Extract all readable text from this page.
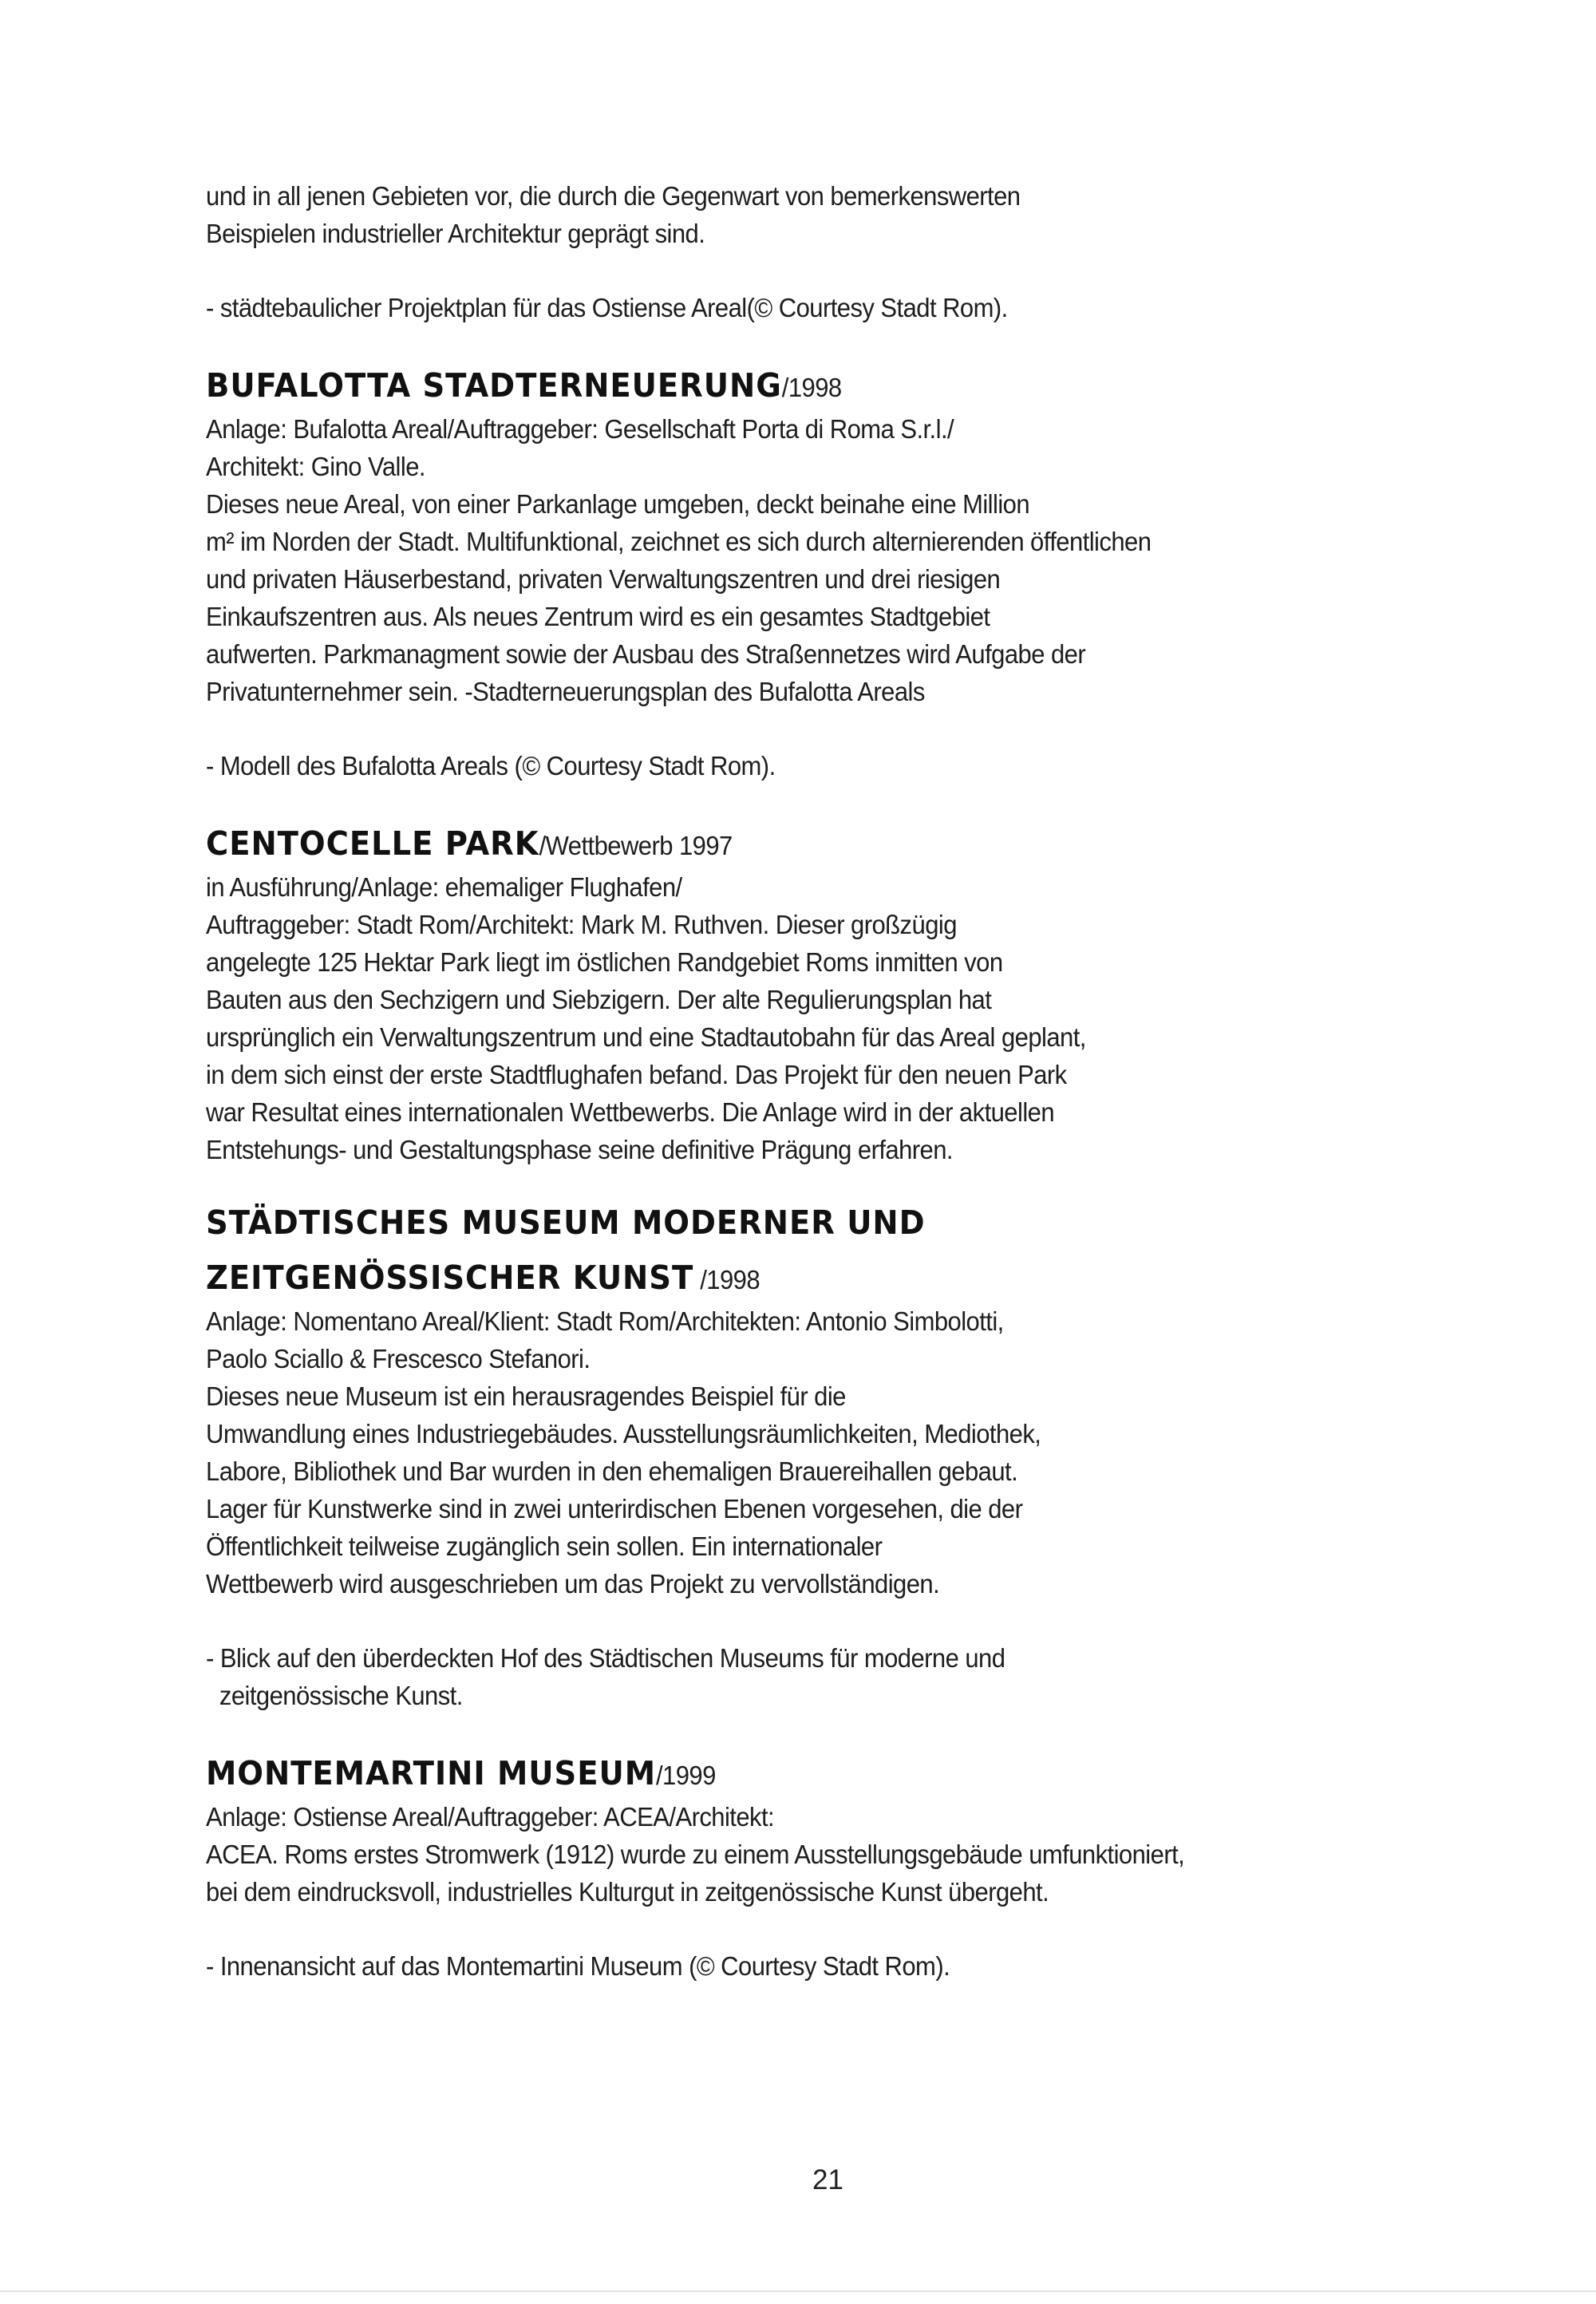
und in all jenen Gebieten vor, die durch die Gegenwart von bemerkenswerten
Beispielen industrieller Architektur geprägt sind.
- städtebaulicher Projektplan für das Ostiense Areal(© Courtesy Stadt Rom).
BUFALOTTA STADTERNEUERUNG/1998
Anlage: Bufalotta Areal/Auftraggeber: Gesellschaft Porta di Roma S.r.l./
Architekt: Gino Valle.
Dieses neue Areal, von einer Parkanlage umgeben, deckt beinahe eine Million
m² im Norden der Stadt. Multifunktional, zeichnet es sich durch alternierenden öffentlichen
und privaten Häuserbestand, privaten Verwaltungszentren und drei riesigen
Einkaufszentren aus. Als neues Zentrum wird es ein gesamtes Stadtgebiet
aufwerten. Parkmanagment sowie der Ausbau des Straßennetzes wird Aufgabe der
Privatunternehmer sein. -Stadterneuerungsplan des Bufalotta Areals
- Modell des Bufalotta Areals (© Courtesy Stadt Rom).
CENTOCELLE PARK/Wettbewerb 1997
in Ausführung/Anlage: ehemaliger Flughafen/
Auftraggeber: Stadt Rom/Architekt: Mark M. Ruthven. Dieser großzügig
angelegte 125 Hektar Park liegt im östlichen Randgebiet Roms inmitten von
Bauten aus den Sechzigern und Siebzigern. Der alte Regulierungsplan hat
ursprünglich ein Verwaltungszentrum und eine Stadtautobahn für das Areal geplant,
in dem sich einst der erste Stadtflughafen befand. Das Projekt für den neuen Park
war Resultat eines internationalen Wettbewerbs. Die Anlage wird in der aktuellen
Entstehungs- und Gestaltungsphase seine definitive Prägung erfahren.
STÄDTISCHES MUSEUM MODERNER UND
ZEITGENÖSSISCHER KUNST /1998
Anlage: Nomentano Areal/Klient: Stadt Rom/Architekten: Antonio Simbolotti,
Paolo Sciallo & Frescesco Stefanori.
Dieses neue Museum ist ein herausragendes Beispiel für die
Umwandlung eines Industriegebäudes. Ausstellungsräumlichkeiten, Mediothek,
Labore, Bibliothek und Bar wurden in den ehemaligen Brauereihallen gebaut.
Lager für Kunstwerke sind in zwei unterirdischen Ebenen vorgesehen, die der
Öffentlichkeit teilweise zugänglich sein sollen. Ein internationaler
Wettbewerb wird ausgeschrieben um das Projekt zu vervollständigen.
- Blick auf den überdeckten Hof des Städtischen Museums für moderne und
zeitgenössische Kunst.
MONTEMARTINI MUSEUM/1999
Anlage: Ostiense Areal/Auftraggeber: ACEA/Architekt:
ACEA. Roms erstes Stromwerk (1912) wurde zu einem Ausstellungsgebäude umfunktioniert,
bei dem eindrucksvoll, industrielles Kulturgut in zeitgenössische Kunst übergeht.
- Innenansicht auf das Montemartini Museum (© Courtesy Stadt Rom).
21
